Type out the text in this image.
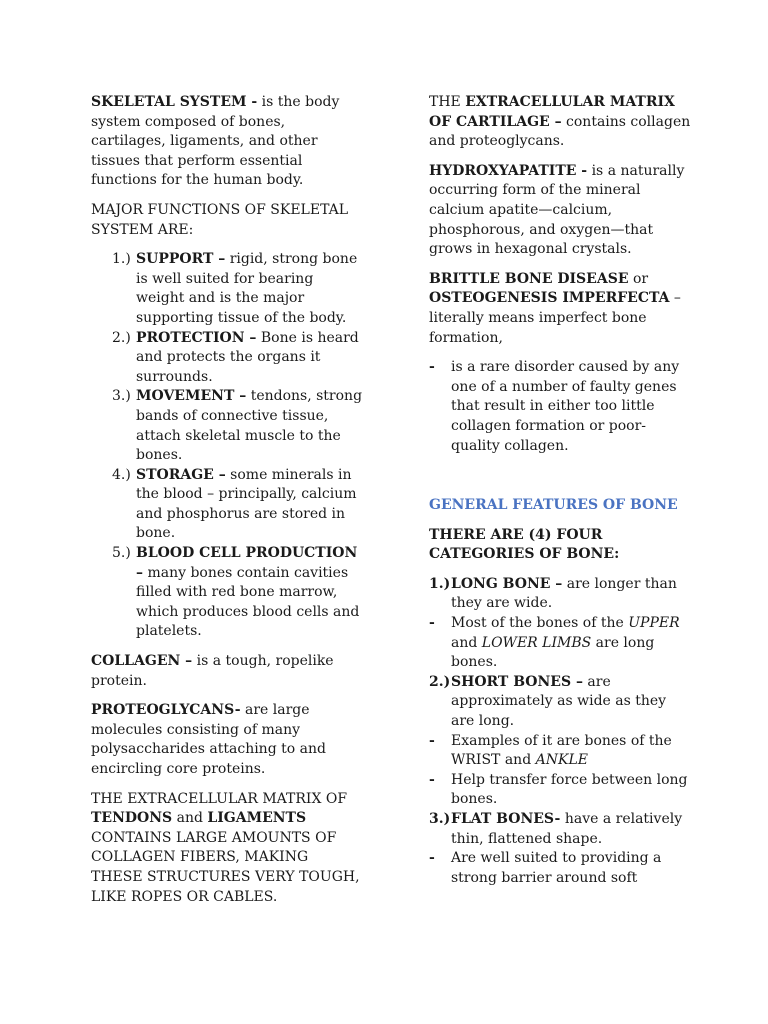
SKELETAL SYSTEM - is the body system composed of bones, cartilages, ligaments, and other tissues that perform essential functions for the human body.

MAJOR FUNCTIONS OF SKELETAL SYSTEM ARE:

1.) SUPPORT – rigid, strong bone is well suited for bearing weight and is the major supporting tissue of the body.
2.) PROTECTION – Bone is heard and protects the organs it surrounds.
3.) MOVEMENT – tendons, strong bands of connective tissue, attach skeletal muscle to the bones.
4.) STORAGE – some minerals in the blood – principally, calcium and phosphorus are stored in bone.
5.) BLOOD CELL PRODUCTION – many bones contain cavities filled with red bone marrow, which produces blood cells and platelets.

COLLAGEN – is a tough, ropelike protein.

PROTEOGLYCANS- are large molecules consisting of many polysaccharides attaching to and encircling core proteins.

THE EXTRACELLULAR MATRIX OF TENDONS and LIGAMENTS CONTAINS LARGE AMOUNTS OF COLLAGEN FIBERS, MAKING THESE STRUCTURES VERY TOUGH, LIKE ROPES OR CABLES.

THE EXTRACELLULAR MATRIX OF CARTILAGE – contains collagen and proteoglycans.

HYDROXYAPATITE - is a naturally occurring form of the mineral calcium apatite—calcium, phosphorous, and oxygen—that grows in hexagonal crystals.

BRITTLE BONE DISEASE or OSTEOGENESIS IMPERFECTA – literally means imperfect bone formation,

- is a rare disorder caused by any one of a number of faulty genes that result in either too little collagen formation or poor-quality collagen.

GENERAL FEATURES OF BONE

THERE ARE (4) FOUR CATEGORIES OF BONE:

1.) LONG BONE – are longer than they are wide.
- Most of the bones of the UPPER and LOWER LIMBS are long bones.
2.) SHORT BONES – are approximately as wide as they are long.
- Examples of it are bones of the WRIST and ANKLE
- Help transfer force between long bones.
3.) FLAT BONES- have a relatively thin, flattened shape.
- Are well suited to providing a strong barrier around soft
